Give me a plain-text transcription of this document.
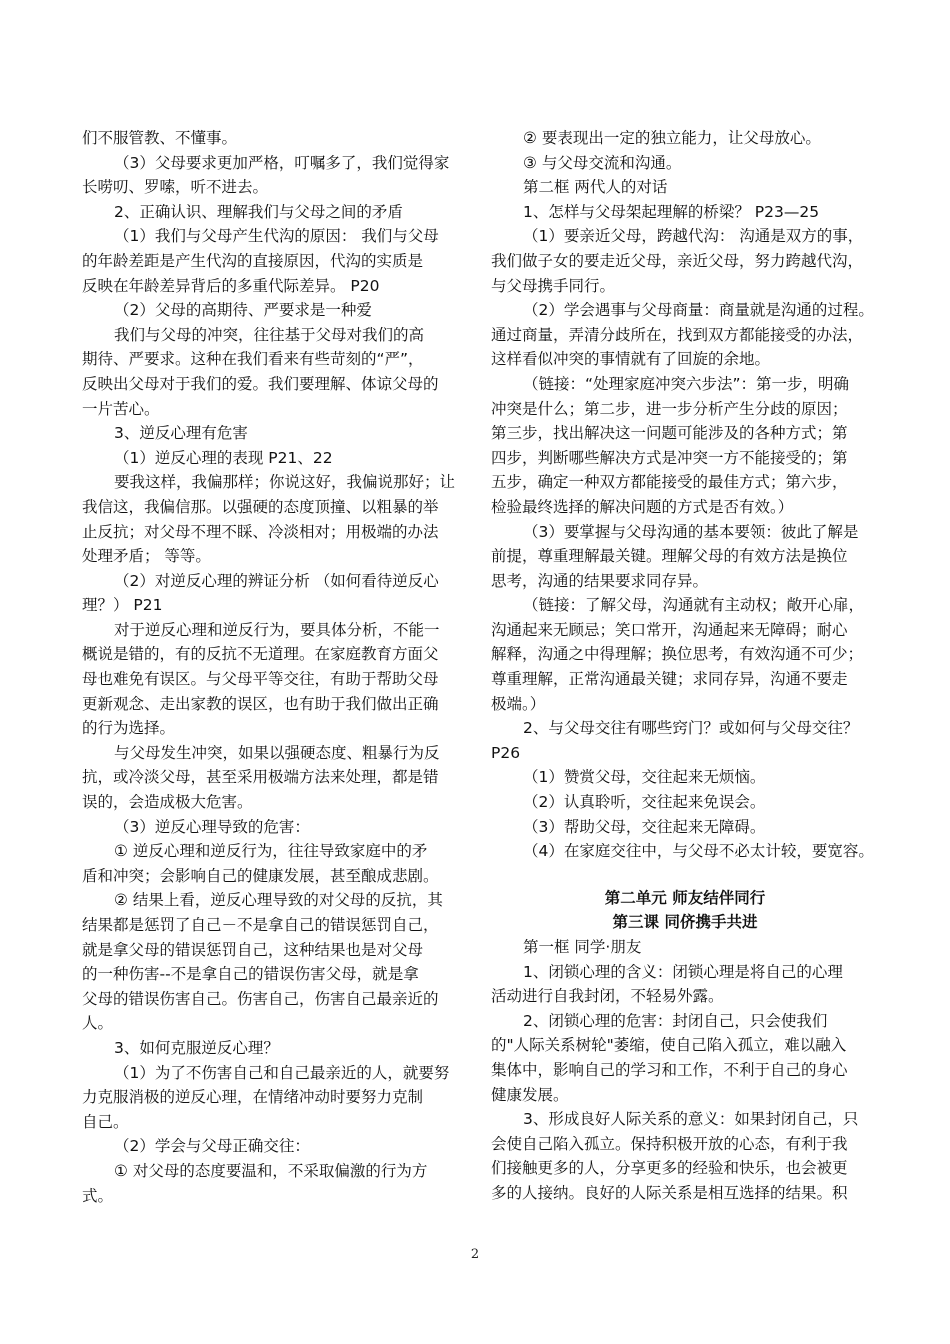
们不服管教、不懂事。
（3）父母要求更加严格，叮嘱多了，我们觉得家
长唠叨、罗嗦，听不进去。
2、正确认识、理解我们与父母之间的矛盾
（1）我们与父母产生代沟的原因： 我们与父母
的年龄差距是产生代沟的直接原因，代沟的实质是
反映在年龄差异背后的多重代际差异。 P20
（2）父母的高期待、严要求是一种爱
我们与父母的冲突，往往基于父母对我们的高
期待、严要求。这种在我们看来有些苛刻的“严”，
反映出父母对于我们的爱。我们要理解、体谅父母的
一片苦心。
3、逆反心理有危害
（1）逆反心理的表现 P21、22
要我这样，我偏那样；你说这好，我偏说那好；让
我信这，我偏信那。以强硬的态度顶撞、以粗暴的举
止反抗；对父母不理不睬、冷淡相对；用极端的办法
处理矛盾； 等等。
（2）对逆反心理的辨证分析 （如何看待逆反心
理？） P21
对于逆反心理和逆反行为，要具体分析，不能一
概说是错的，有的反抗不无道理。在家庭教育方面父
母也难免有误区。与父母平等交往，有助于帮助父母
更新观念、走出家教的误区，也有助于我们做出正确
的行为选择。
与父母发生冲突，如果以强硬态度、粗暴行为反
抗，或冷淡父母，甚至采用极端方法来处理，都是错
误的，会造成极大危害。
（3）逆反心理导致的危害：
① 逆反心理和逆反行为，往往导致家庭中的矛
盾和冲突；会影响自己的健康发展，甚至酿成悲剧。
② 结果上看，逆反心理导致的对父母的反抗，其
结果都是惩罚了自己－不是拿自己的错误惩罚自己，
就是拿父母的错误惩罚自己，这种结果也是对父母
的一种伤害--不是拿自己的错误伤害父母，就是拿
父母的错误伤害自己。伤害自己，伤害自己最亲近的
人。
3、如何克服逆反心理？
（1）为了不伤害自己和自己最亲近的人，就要努
力克服消极的逆反心理，在情绪冲动时要努力克制
自己。
（2）学会与父母正确交往：
① 对父母的态度要温和，不采取偏激的行为方
式。
② 要表现出一定的独立能力，让父母放心。
③ 与父母交流和沟通。
第二框 两代人的对话
1、怎样与父母架起理解的桥梁？ P23—25
（1）要亲近父母，跨越代沟： 沟通是双方的事，
我们做子女的要走近父母，亲近父母，努力跨越代沟，
与父母携手同行。
（2）学会遇事与父母商量：商量就是沟通的过程。
通过商量，弄清分歧所在，找到双方都能接受的办法，
这样看似冲突的事情就有了回旋的余地。
（链接：“处理家庭冲突六步法”：第一步，明确
冲突是什么；第二步，进一步分析产生分歧的原因；
第三步，找出解决这一问题可能涉及的各种方式；第
四步，判断哪些解决方式是冲突一方不能接受的；第
五步，确定一种双方都能接受的最佳方式；第六步，
检验最终选择的解决问题的方式是否有效。）
（3）要掌握与父母沟通的基本要领：彼此了解是
前提，尊重理解最关键。理解父母的有效方法是换位
思考，沟通的结果要求同存异。
（链接：了解父母，沟通就有主动权；敞开心扉，
沟通起来无顾忌；笑口常开，沟通起来无障碍；耐心
解释，沟通之中得理解；换位思考，有效沟通不可少；
尊重理解，正常沟通最关键；求同存异，沟通不要走
极端。）
2、与父母交往有哪些窍门？或如何与父母交往？
P26
（1）赞赏父母，交往起来无烦恼。
（2）认真聆听，交往起来免误会。
（3）帮助父母，交往起来无障碍。
（4）在家庭交往中，与父母不必太计较，要宽容。
第二单元 师友结伴同行
第三课 同侪携手共进
第一框 同学·朋友
1、闭锁心理的含义：闭锁心理是将自己的心理
活动进行自我封闭，不轻易外露。
2、闭锁心理的危害：封闭自己，只会使我们
的"人际关系树轮"萎缩，使自己陷入孤立，难以融入
集体中，影响自己的学习和工作，不利于自己的身心
健康发展。
3、形成良好人际关系的意义：如果封闭自己，只
会使自己陷入孤立。保持积极开放的心态，有利于我
们接触更多的人，分享更多的经验和快乐，也会被更
多的人接纳。良好的人际关系是相互选择的结果。积
2
